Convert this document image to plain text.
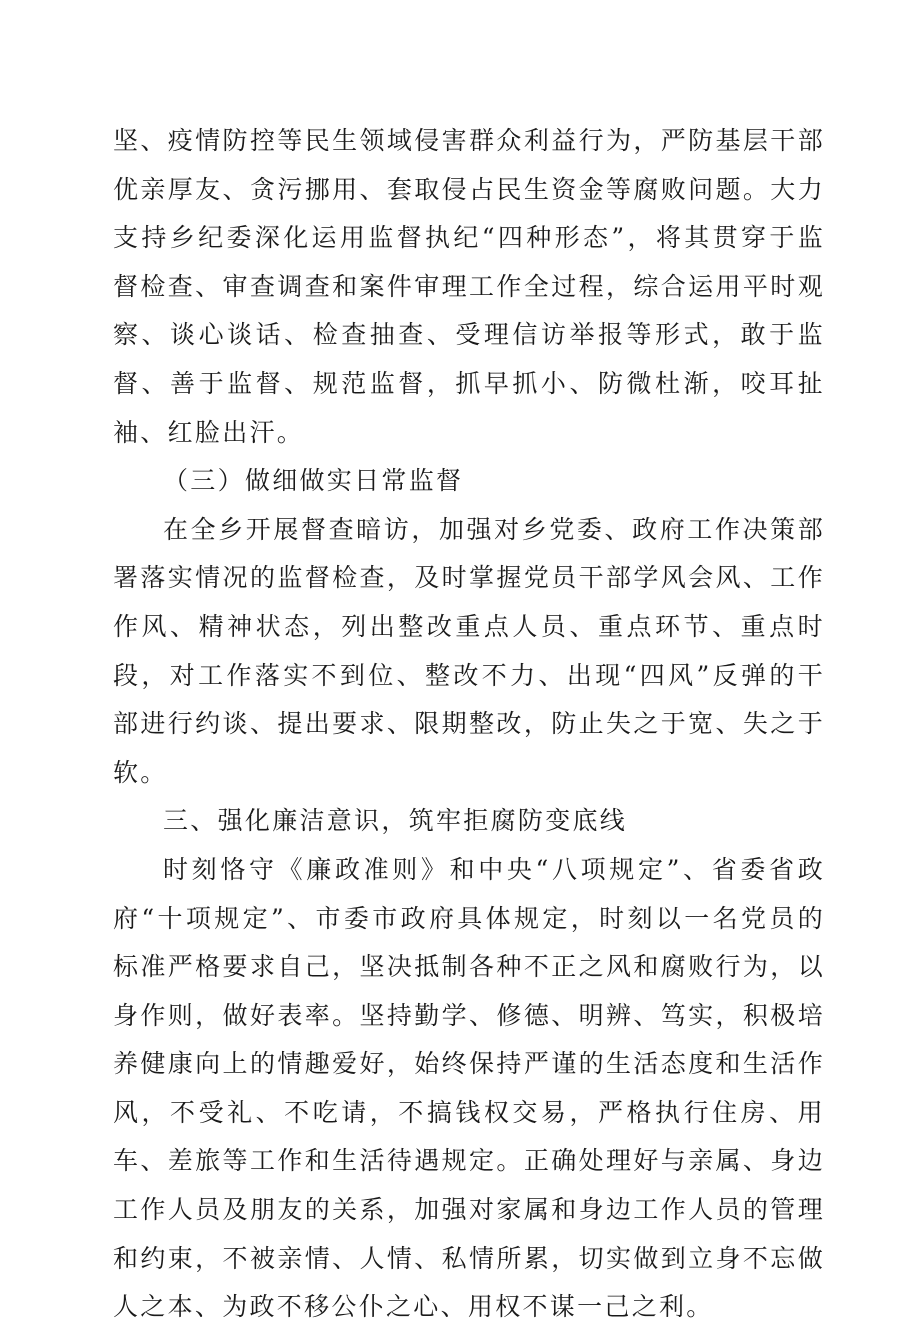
坚、疫情防控等民生领域侵害群众利益行为，严防基层干部优亲厚友、贪污挪用、套取侵占民生资金等腐败问题。大力支持乡纪委深化运用监督执纪“四种形态”，将其贯穿于监督检查、审查调查和案件审理工作全过程，综合运用平时观察、谈心谈话、检查抽查、受理信访举报等形式，敢于监督、善于监督、规范监督，抓早抓小、防微杜渐，咬耳扯袖、红脸出汗。

（三）做细做实日常监督

在全乡开展督查暗访，加强对乡党委、政府工作决策部署落实情况的监督检查，及时掌握党员干部学风会风、工作作风、精神状态，列出整改重点人员、重点环节、重点时段，对工作落实不到位、整改不力、出现“四风”反弹的干部进行约谈、提出要求、限期整改，防止失之于宽、失之于软。

三、强化廉洁意识，筑牢拒腐防变底线

时刻恪守《廉政准则》和中央“八项规定”、省委省政府“十项规定”、市委市政府具体规定，时刻以一名党员的标准严格要求自己，坚决抵制各种不正之风和腐败行为，以身作则，做好表率。坚持勤学、修德、明辨、笃实，积极培养健康向上的情趣爱好，始终保持严谨的生活态度和生活作风，不受礼、不吃请，不搞钱权交易，严格执行住房、用车、差旅等工作和生活待遇规定。正确处理好与亲属、身边工作人员及朋友的关系，加强对家属和身边工作人员的管理和约束，不被亲情、人情、私情所累，切实做到立身不忘做人之本、为政不移公仆之心、用权不谋一己之利。
